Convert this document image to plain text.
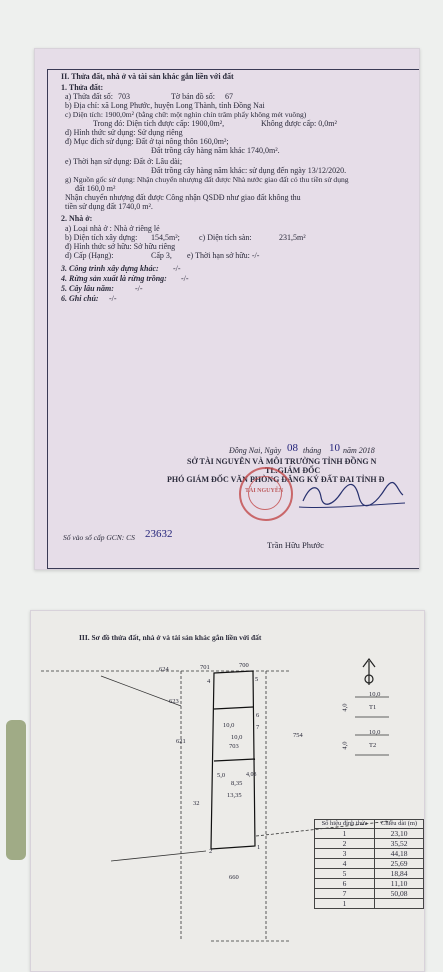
II. Thửa đất, nhà ở và tài sản khác gắn liền với đất
1. Thửa đất:
a) Thửa đất số: 703	Tờ bản đồ số: 67
b) Địa chỉ: xã Long Phước, huyện Long Thành, tỉnh Đồng Nai
c) Diện tích: 1900,0m² (bằng chữ: một nghìn chín trăm phẩy không mét vuông)
Trong đó: Diện tích được cấp: 1900,0m²,	Không được cấp: 0,0m²
d) Hình thức sử dụng: Sử dụng riêng
đ) Mục đích sử dụng: Đất ở tại nông thôn 160,0m²;
Đất trồng cây hàng năm khác 1740,0m².
e) Thời hạn sử dụng: Đất ở: Lâu dài;
Đất trồng cây hàng năm khác: sử dụng đến ngày 13/12/2020.
g) Nguồn gốc sử dụng: Nhận chuyển nhượng đất được Nhà nước giao đất có thu tiền sử dụng
đất 160,0 m²
Nhận chuyển nhượng đất được Công nhận QSDĐ như giao đất không thu
tiền sử dụng đất 1740,0 m².
2. Nhà ở:
a) Loại nhà ở : Nhà ở riêng lẻ
b) Diện tích xây dựng: 154,5m²; c) Diện tích sàn:	231,5m²
đ) Hình thức sở hữu: Sở hữu riêng
d) Cấp (Hạng):	Cấp 3, e) Thời hạn sở hữu: -/-
3. Công trình xây dựng khác: -/-
4. Rừng sản xuất là rừng trồng: -/-
5. Cây lâu năm:	-/-
6. Ghi chú: -/-
Đồng Nai, Ngày 08 tháng 10 năm 2018
SỞ TÀI NGUYÊN VÀ MÔI TRƯỜNG TỈNH ĐỒNG N
TL.GIÁM ĐỐC
PHÓ GIÁM ĐỐC VĂN PHÒNG ĐĂNG KÝ ĐẤT ĐAI TỈNH Đ
TÀI NGUYÊN
Trần Hữu Phước
Số vào sổ cấp GCN: CS 23632
III. Sơ đồ thửa đất, nhà ở và tài sản khác gắn liền với đất
624	701	700
4	5
623
621
754
10,0
10,0
6
7
703
5,0
8,35
13,35
4,03
32
2
1
660
4,0
4,0
10,0
T1
10,0
T2
Số hiệu đỉnh thửa	Chiều dài (m)
1	23,10
2	35,52
3	44,18
4	25,69
5	18,84
6	11,10
7	50,08
1	
